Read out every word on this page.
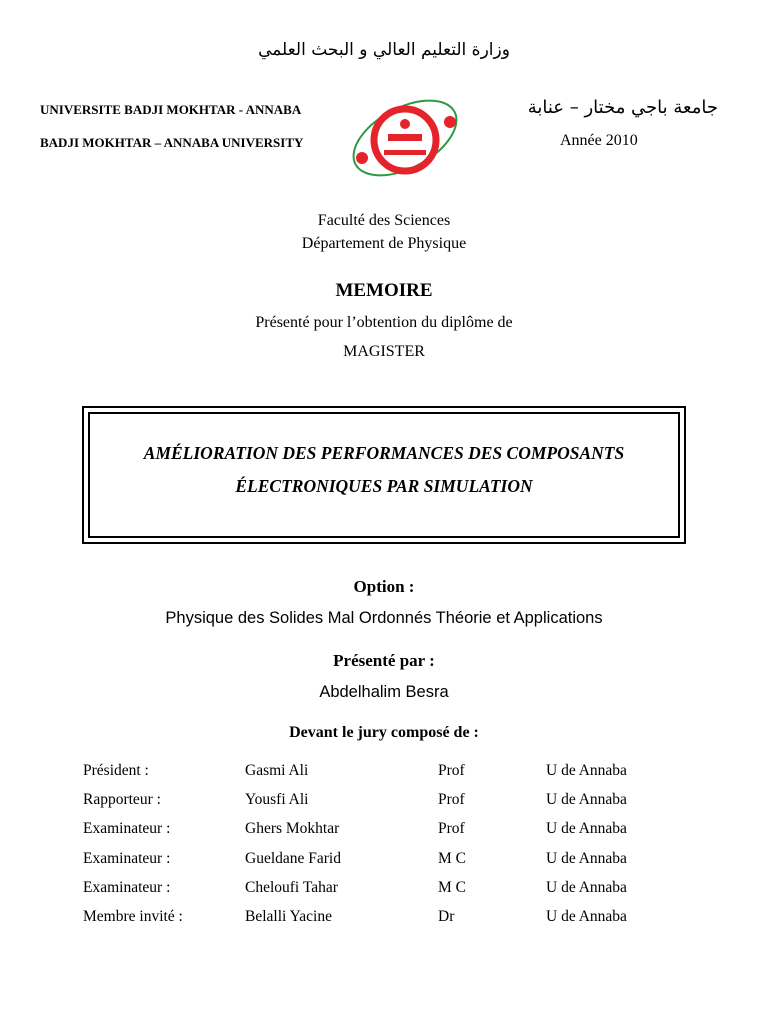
وزارة التعليم العالي و البحث العلمي
UNIVERSITE BADJI MOKHTAR - ANNABA
BADJI MOKHTAR – ANNABA UNIVERSITY
جامعة باجي مختار – عنابة
Année 2010
Faculté des Sciences
Département de Physique
MEMOIRE
Présenté pour l’obtention du diplôme de
MAGISTER
AMÉLIORATION DES PERFORMANCES DES COMPOSANTS
ÉLECTRONIQUES PAR SIMULATION
Option :
Physique des Solides Mal Ordonnés Théorie et Applications
Présenté par :
Abdelhalim Besra
Devant le jury composé de :
Président :	Gasmi Ali	Prof	U de Annaba
Rapporteur :	Yousfi Ali	Prof	U de Annaba
Examinateur :	Ghers Mokhtar	Prof	U de Annaba
Examinateur :	Gueldane Farid	M C	U de Annaba
Examinateur :	Cheloufi Tahar	M C	U de Annaba
Membre invité :	Belalli Yacine	Dr	U de Annaba
